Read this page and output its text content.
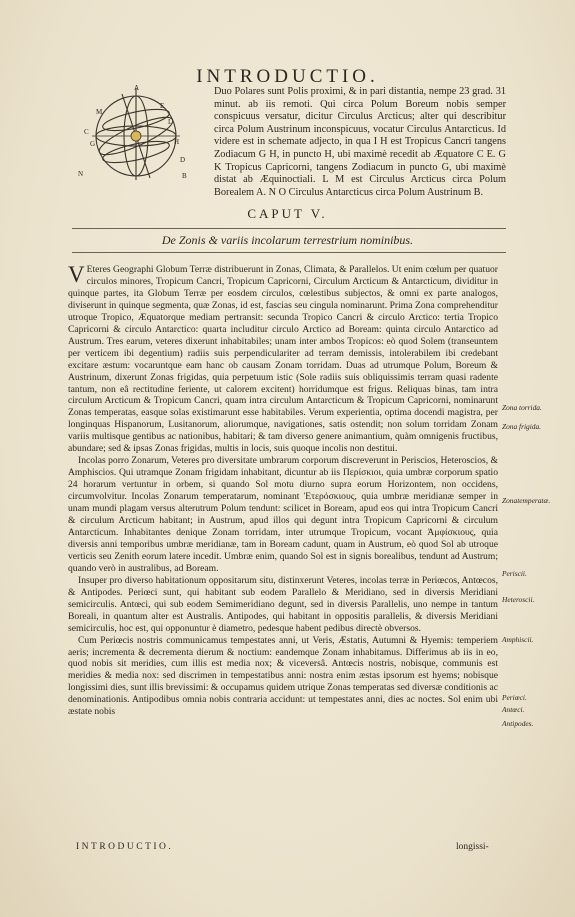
INTRODUCTIO.
A
N	B
E
G
L
M
H
C
D
Duo Polares sunt Polis proximi, & in pari distantia, nempe 23 grad. 31 minut. ab iis remoti. Qui circa Polum Boreum nobis semper conspicuus versatur, dicitur Circulus Arcticus; alter qui describitur circa Polum Austrinum inconspicuus, vocatur Circulus Antarcticus. Id videre est in schemate adjecto, in qua I H est Tropicus Cancri tangens Zodiacum G H, in puncto H, ubi maximè recedit ab Æquatore C E. G K Tropicus Capricorni, tangens Zodiacum in puncto G, ubi maximè distat ab Æquinoctiali. L M est Circulus Arcticus circa Polum Borealem A. N O Circulus Antarcticus circa Polum Austrinum B.
CAPUT V.
De Zonis & variis incolarum terrestrium nominibus.

V Eteres Geographi Globum Terræ distribuerunt in Zonas, Climata, & Parallelos. Ut enim cœlum per quatuor circulos minores, Tropicum Cancri, Tropicum Capricorni, Circulum Arcticum & Antarcticum, dividitur in quinque partes, ita Globum Terræ per eosdem circulos, cœlestibus subjectos, & omni ex parte analogos, diviserunt in quinque segmenta, quæ Zonas, id est, fascias seu cingula nominarunt. Prima Zona comprehenditur utroque Tropico, Æquatorque mediam pertransit: secunda Tropico Cancri & circulo Arctico: tertia Tropico Capricorni & circulo Antarctico: quarta includitur circulo Arctico ad Boream: quinta circulo Antarctico ad Austrum. Tres earum, veteres dixerunt inhabitabiles; unam inter ambos Tropicos: eò quod Solem (transeuntem per verticem ibi degentium) radiis suis perpendiculariter ad terram demissis, intolerabilem ibi credebant excitare æstum: vocaruntque eam hanc ob causam Zonam torridam. Duas ad utrumque Polum, Boreum & Austrinum, dixerunt Zonas frigidas, quia perpetuum istic (Sole radiis suis obliquissimis terram quasi radente tantum, non eâ rectitudine feriente, ut calorem excitent) horridumque est frigus. Reliquas binas, tam intra circulum Arcticum & Tropicum Cancri, quam intra circulum Antarcticum & Tropicum Capricorni, nominarunt Zonas temperatas, easque solas existimarunt esse habitabiles. Verum experientia, optima docendi magistra, per longinquas Hispanorum, Lusitanorum, aliorumque, navigationes, satis ostendit; non solum torridam Zonam variis multisque gentibus ac nationibus, habitari; & tam diverso genere animantium, quàm omnigenis fructibus, abundare; sed & ipsas Zonas frigidas, multis in locis, suis quoque incolis non destitui.

Incolas porro Zonarum, Veteres pro diversitate umbrarum corporum discreverunt in Periscios, Heteroscios, & Amphiscios. Qui utramque Zonam frigidam inhabitant, dicuntur ab iis Περίσκιοι, quia umbræ corporum spatio 24 horarum vertuntur in orbem, si quando Sol motu diurno supra eorum Horizontem, non occidens, circumvolvitur. Incolas Zonarum temperatarum, nominant Ἑτερόσκιους, quia umbræ meridianæ semper in unam mundi plagam versus alterutrum Polum tendunt: scilicet in Boream, apud eos qui intra Tropicum Cancri & circulum Arcticum habitant; in Austrum, apud illos qui degunt intra Tropicum Capricorni & circulum Antarcticum. Inhabitantes denique Zonam torridam, inter utrumque Tropicum, vocant Ἀμφίσκιους, quia diversis anni temporibus umbræ meridianæ, tam in Boream cadunt, quam in Austrum, eò quod Sol ab utroque verticis seu Zenith eorum latere incedit. Umbræ enim, quando Sol est in signis borealibus, tendunt ad Austrum; quando verò in australibus, ad Boream.

Insuper pro diverso habitationum oppositarum situ, distinxerunt Veteres, incolas terræ in Periœcos, Antœcos, & Antipodes. Periœci sunt, qui habitant sub eodem Parallelo & Meridiano, sed in diversis Meridiani semicirculis. Antœci, qui sub eodem Semimeridiano degunt, sed in diversis Parallelis, uno nempe in tantum Boreali, in quantum alter est Australis. Antipodes, qui habitant in oppositis parallelis, & diversis Meridiani semicirculis, hoc est, qui opponuntur è diametro, pedesque habent pedibus directè obversos.

Cum Periœcis nostris communicamus tempestates anni, ut Veris, Æstatis, Autumni & Hyemis: temperiem aeris; incrementa & decrementa dierum & noctium: eandemque Zonam inhabitamus. Differimus ab iis in eo, quod nobis sit meridies, cum illis est media nox; & viceversâ. Antœcis nostris, nobisque, communis est meridies & media nox: sed discrimen in tempestatibus anni: nostra enim æstas ipsorum est hyems; nobisque longissimi dies, sunt illis brevissimi: & occupamus quidem utrique Zonas temperatas sed diversæ conditionis ac denominationis. Antipodibus omnia nobis contraria accidunt: ut tempestates anni, dies ac noctes. Sol enim ubi æstate nobis

Zona torrida.
Zona frigida.
Zonatemperatæ.
Periscii.
Heteroscii.
Amphiscii.
Periœci.
Antœci.
Antipodes.
INTRODUCTIO.	longissi-
